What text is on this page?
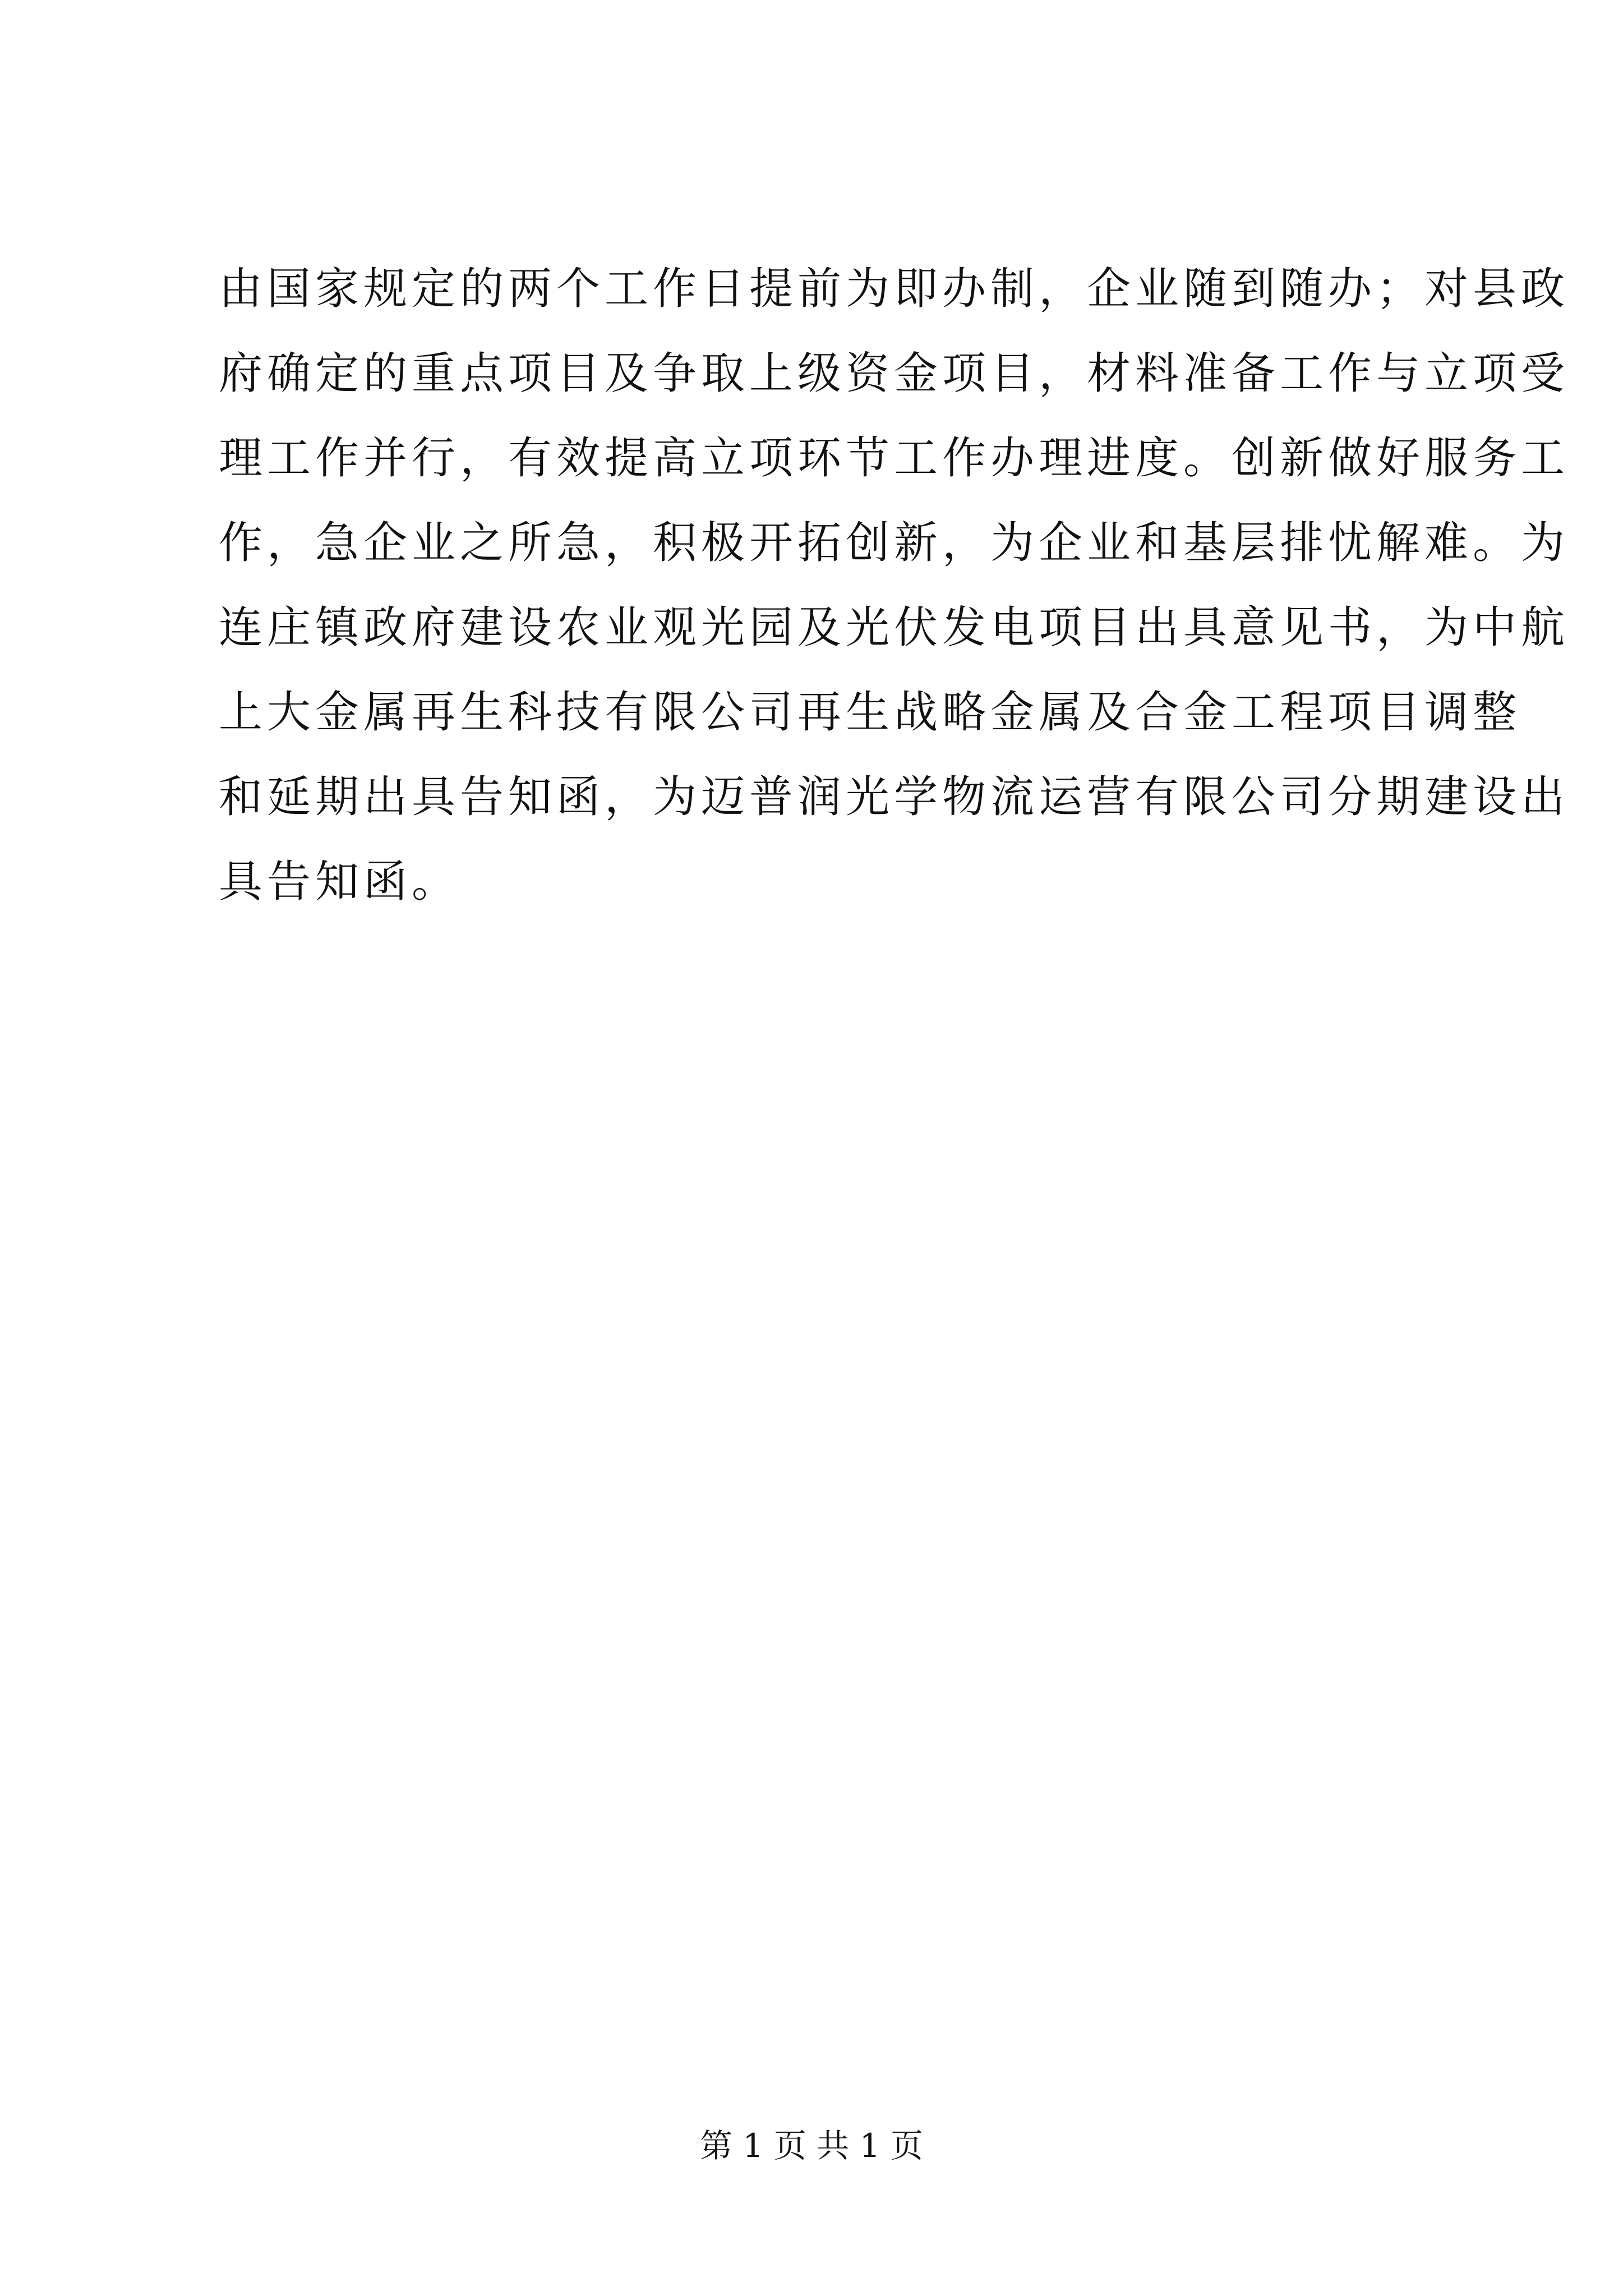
由国家规定的两个工作日提前为即办制，企业随到随办；对县政
府确定的重点项目及争取上级资金项目，材料准备工作与立项受
理工作并行，有效提高立项环节工作办理进度。创新做好服务工
作，急企业之所急，积极开拓创新，为企业和基层排忧解难。为
连庄镇政府建设农业观光园及光伏发电项目出具意见书，为中航
上大金属再生科技有限公司再生战略金属及合金工程项目调整
和延期出具告知函，为迈普润光学物流运营有限公司分期建设出
具告知函。
第 1 页 共 1 页
